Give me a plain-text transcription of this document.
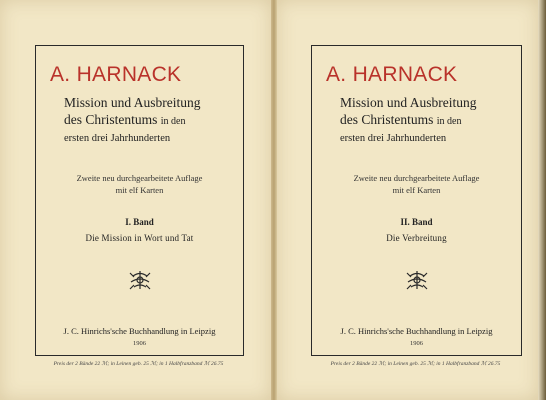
A. HARNACK
Mission und Ausbreitung
des Christentums in den
ersten drei Jahrhunderten
Zweite neu durchgearbeitete Auflage
mit elf Karten
I. Band
Die Mission in Wort und Tat
J. C. Hinrichs'sche Buchhandlung in Leipzig
1906
Preis der 2 Bände 22 ℳ; in Leinen geb. 25 ℳ; in 1 Halbfranzband ℳ 26.75
A. HARNACK
Mission und Ausbreitung
des Christentums in den
ersten drei Jahrhunderten
Zweite neu durchgearbeitete Auflage
mit elf Karten
II. Band
Die Verbreitung
J. C. Hinrichs'sche Buchhandlung in Leipzig
1906
Preis der 2 Bände 22 ℳ; in Leinen geb. 25 ℳ; in 1 Halbfranzband ℳ 26.75
